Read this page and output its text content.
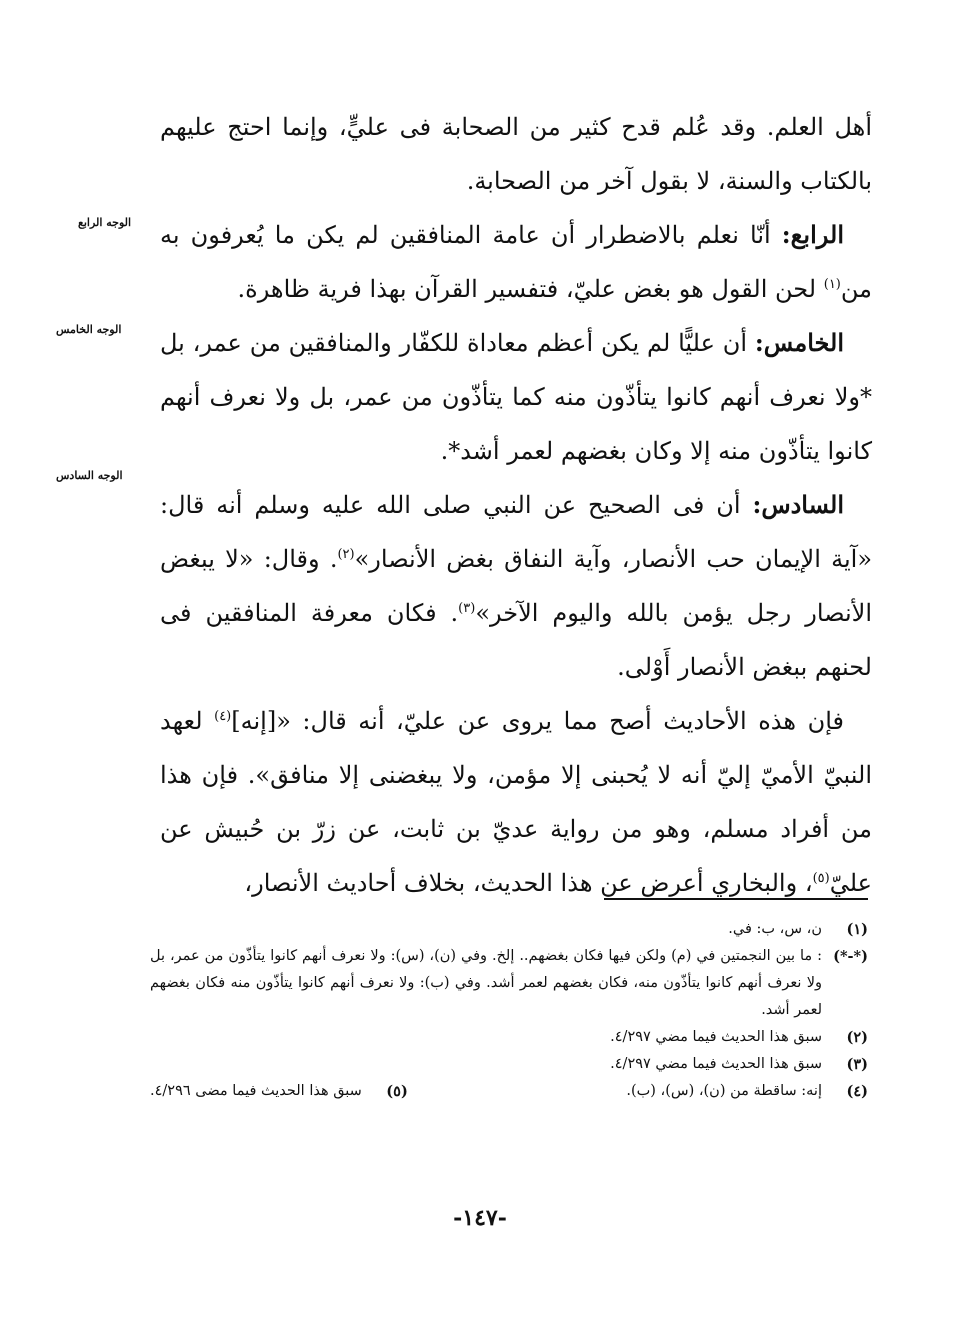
أهل العلم. وقد عُلم قدح كثير من الصحابة فى عليٍّ، وإنما احتج عليهم بالكتاب والسنة، لا بقول آخر من الصحابة.

الرابع: أنّا نعلم بالاضطرار أن عامة المنافقين لم يكن ما يُعرفون به من$^{(١)}$ لحن القول هو بغض عليّ، فتفسير القرآن بهذا فرية ظاهرة.

الخامس: أن عليًّا لم يكن أعظم معاداة للكفّار والمنافقين من عمر، بل *ولا نعرف أنهم كانوا يتأذّون منه كما يتأذّون من عمر، بل ولا نعرف أنهم كانوا يتأذّون منه إلا وكان بغضهم لعمر أشد*.

السادس: أن فى الصحيح عن النبي صلى الله عليه وسلم أنه قال: «آية الإيمان حب الأنصار، وآية النفاق بغض الأنصار»$^{(٢)}$. وقال: «لا يبغض الأنصار رجل يؤمن بالله واليوم الآخر»$^{(٣)}$. فكان معرفة المنافقين فى لحنهم ببغض الأنصار أَوْلى.

فإن هذه الأحاديث أصح مما يروى عن عليّ، أنه قال: «[إنه]$^{(٤)}$ لعهد النبيّ الأميّ إليّ أنه لا يُحبنى إلا مؤمن، ولا يبغضنى إلا منافق». فإن هذا من أفراد مسلم، وهو من رواية عديّ بن ثابت، عن زرّ بن حُبيش عن عليّ$^{(٥)}$، والبخاري أعرض عن هذا الحديث، بخلاف أحاديث الأنصار،

الوجه الرابع
الوجه الخامس
الوجه السادس
(١)
ن، س، ب: في.
(*-*)
: ما بين النجمتين في (م) ولكن فيها فكان بغضهم.. إلخ. وفي (ن)، (س): ولا نعرف أنهم كانوا يتأذّون من عمر، بل ولا نعرف أنهم كانوا يتأذّون منه، فكان بغضهم لعمر أشد. وفي (ب): ولا نعرف أنهم كانوا يتأذّون منه فكان بغضهم لعمر أشد.
(٢)
سبق هذا الحديث فيما مضي ٤/٢٩٧.
(٣)
سبق هذا الحديث فيما مضي ٤/٢٩٧.
(٤)
إنه: ساقطة من (ن)، (س)، (ب).
(٥)
سبق هذا الحديث فيما مضى ٤/٢٩٦.
-١٤٧-
